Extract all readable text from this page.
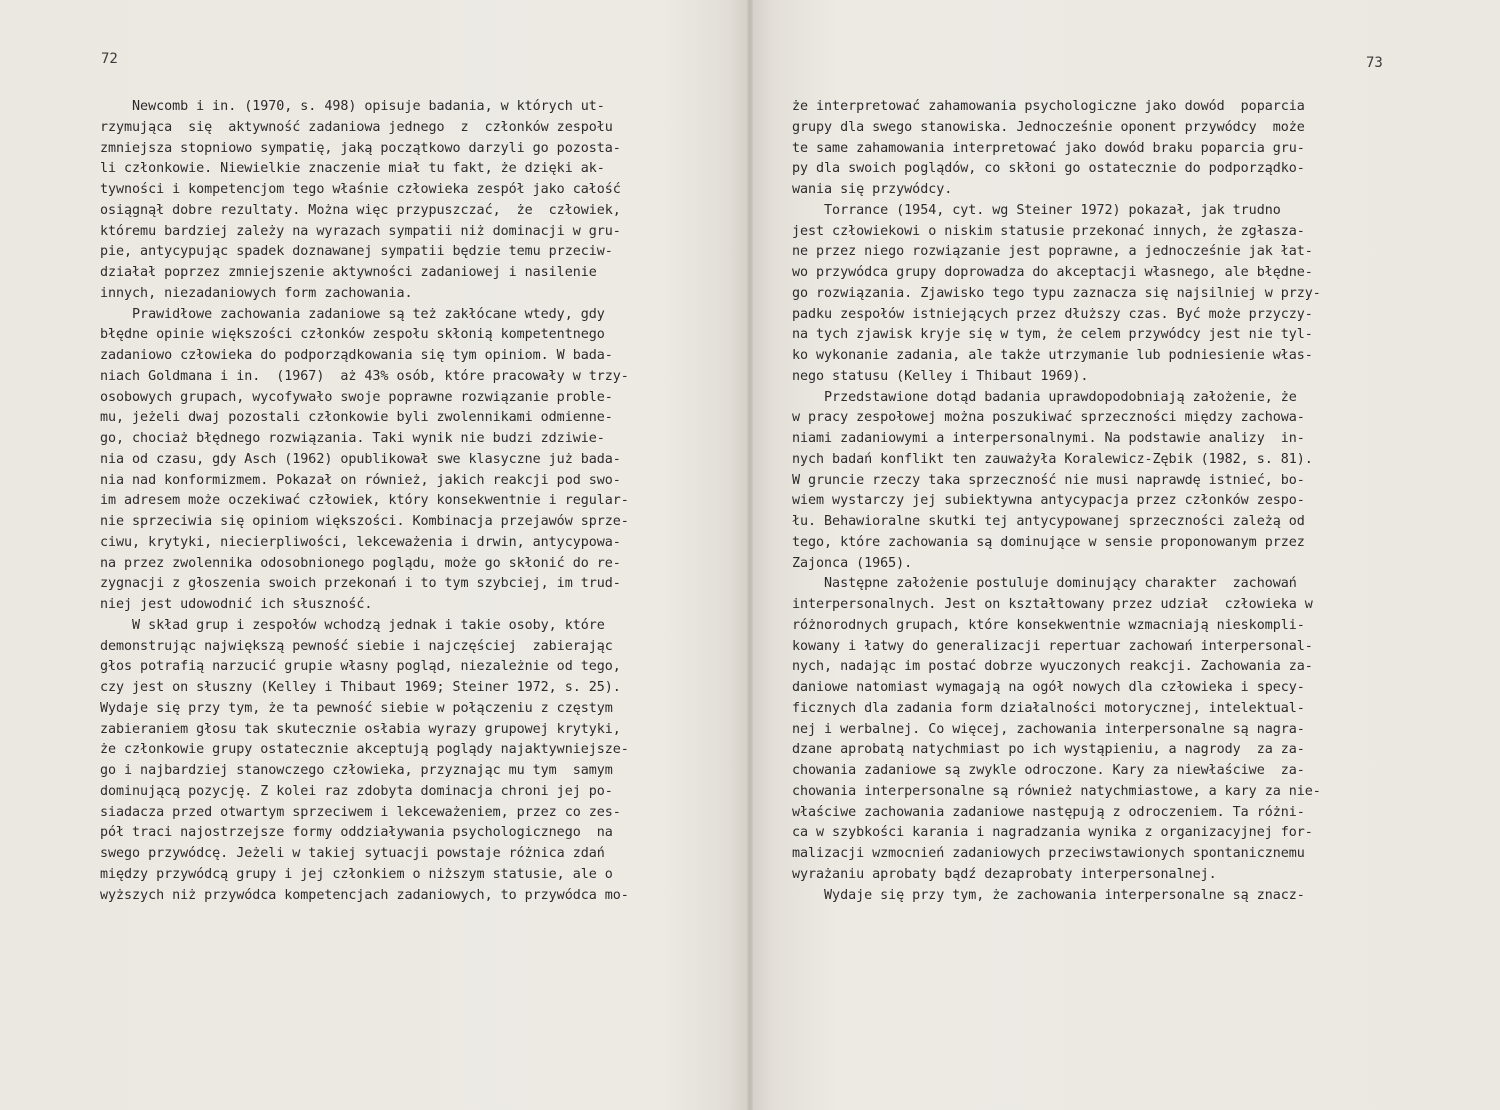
72
Newcomb i in. (1970, s. 498) opisuje badania, w których ut-
rzymująca  się  aktywność zadaniowa jednego  z  członków zespołu
zmniejsza stopniowo sympatię, jaką początkowo darzyli go pozosta-
li członkowie. Niewielkie znaczenie miał tu fakt, że dzięki ak-
tywności i kompetencjom tego właśnie człowieka zespół jako całość
osiągnął dobre rezultaty. Można więc przypuszczać,  że  człowiek,
któremu bardziej zależy na wyrazach sympatii niż dominacji w gru-
pie, antycypując spadek doznawanej sympatii będzie temu przeciw-
działał poprzez zmniejszenie aktywności zadaniowej i nasilenie
innych, niezadaniowych form zachowania.
Prawidłowe zachowania zadaniowe są też zakłócane wtedy, gdy
błędne opinie większości członków zespołu skłonią kompetentnego
zadaniowo człowieka do podporządkowania się tym opiniom. W bada-
niach Goldmana i in.  (1967)  aż 43% osób, które pracowały w trzy-
osobowych grupach, wycofywało swoje poprawne rozwiązanie proble-
mu, jeżeli dwaj pozostali członkowie byli zwolennikami odmienne-
go, chociaż błędnego rozwiązania. Taki wynik nie budzi zdziwie-
nia od czasu, gdy Asch (1962) opublikował swe klasyczne już bada-
nia nad konformizmem. Pokazał on również, jakich reakcji pod swo-
im adresem może oczekiwać człowiek, który konsekwentnie i regular-
nie sprzeciwia się opiniom większości. Kombinacja przejawów sprze-
ciwu, krytyki, niecierpliwości, lekceważenia i drwin, antycypowa-
na przez zwolennika odosobnionego poglądu, może go skłonić do re-
zygnacji z głoszenia swoich przekonań i to tym szybciej, im trud-
niej jest udowodnić ich słuszność.
W skład grup i zespołów wchodzą jednak i takie osoby, które
demonstrując największą pewność siebie i najczęściej  zabierając
głos potrafią narzucić grupie własny pogląd, niezależnie od tego,
czy jest on słuszny (Kelley i Thibaut 1969; Steiner 1972, s. 25).
Wydaje się przy tym, że ta pewność siebie w połączeniu z częstym
zabieraniem głosu tak skutecznie osłabia wyrazy grupowej krytyki,
że członkowie grupy ostatecznie akceptują poglądy najaktywniejsze-
go i najbardziej stanowczego człowieka, przyznając mu tym  samym
dominującą pozycję. Z kolei raz zdobyta dominacja chroni jej po-
siadacza przed otwartym sprzeciwem i lekceważeniem, przez co zes-
pół traci najostrzejsze formy oddziaływania psychologicznego  na
swego przywódcę. Jeżeli w takiej sytuacji powstaje różnica zdań
między przywódcą grupy i jej członkiem o niższym statusie, ale o
wyższych niż przywódca kompetencjach zadaniowych, to przywódca mo-
że interpretować zahamowania psychologiczne jako dowód  poparcia
grupy dla swego stanowiska. Jednocześnie oponent przywódcy  może
te same zahamowania interpretować jako dowód braku poparcia gru-
py dla swoich poglądów, co skłoni go ostatecznie do podporządko-
wania się przywódcy.
Torrance (1954, cyt. wg Steiner 1972) pokazał, jak trudno
jest człowiekowi o niskim statusie przekonać innych, że zgłasza-
ne przez niego rozwiązanie jest poprawne, a jednocześnie jak łat-
wo przywódca grupy doprowadza do akceptacji własnego, ale błędne-
go rozwiązania. Zjawisko tego typu zaznacza się najsilniej w przy-
padku zespołów istniejących przez dłuższy czas. Być może przyczy-
na tych zjawisk kryje się w tym, że celem przywódcy jest nie tyl-
ko wykonanie zadania, ale także utrzymanie lub podniesienie włas-
nego statusu (Kelley i Thibaut 1969).
Przedstawione dotąd badania uprawdopodobniają założenie, że
w pracy zespołowej można poszukiwać sprzeczności między zachowa-
niami zadaniowymi a interpersonalnymi. Na podstawie analizy  in-
nych badań konflikt ten zauważyła Koralewicz-Zębik (1982, s. 81).
W gruncie rzeczy taka sprzeczność nie musi naprawdę istnieć, bo-
wiem wystarczy jej subiektywna antycypacja przez członków zespo-
łu. Behawioralne skutki tej antycypowanej sprzeczności zależą od
tego, które zachowania są dominujące w sensie proponowanym przez
Zajonca (1965).
Następne założenie postuluje dominujący charakter  zachowań
interpersonalnych. Jest on kształtowany przez udział  człowieka w
różnorodnych grupach, które konsekwentnie wzmacniają nieskompli-
kowany i łatwy do generalizacji repertuar zachowań interpersonal-
nych, nadając im postać dobrze wyuczonych reakcji. Zachowania za-
daniowe natomiast wymagają na ogół nowych dla człowieka i specy-
ficznych dla zadania form działalności motorycznej, intelektual-
nej i werbalnej. Co więcej, zachowania interpersonalne są nagra-
dzane aprobatą natychmiast po ich wystąpieniu, a nagrody  za za-
chowania zadaniowe są zwykle odroczone. Kary za niewłaściwe  za-
chowania interpersonalne są również natychmiastowe, a kary za nie-
właściwe zachowania zadaniowe następują z odroczeniem. Ta różni-
ca w szybkości karania i nagradzania wynika z organizacyjnej for-
malizacji wzmocnień zadaniowych przeciwstawionych spontanicznemu
wyrażaniu aprobaty bądź dezaprobaty interpersonalnej.
Wydaje się przy tym, że zachowania interpersonalne są znacz-
73
